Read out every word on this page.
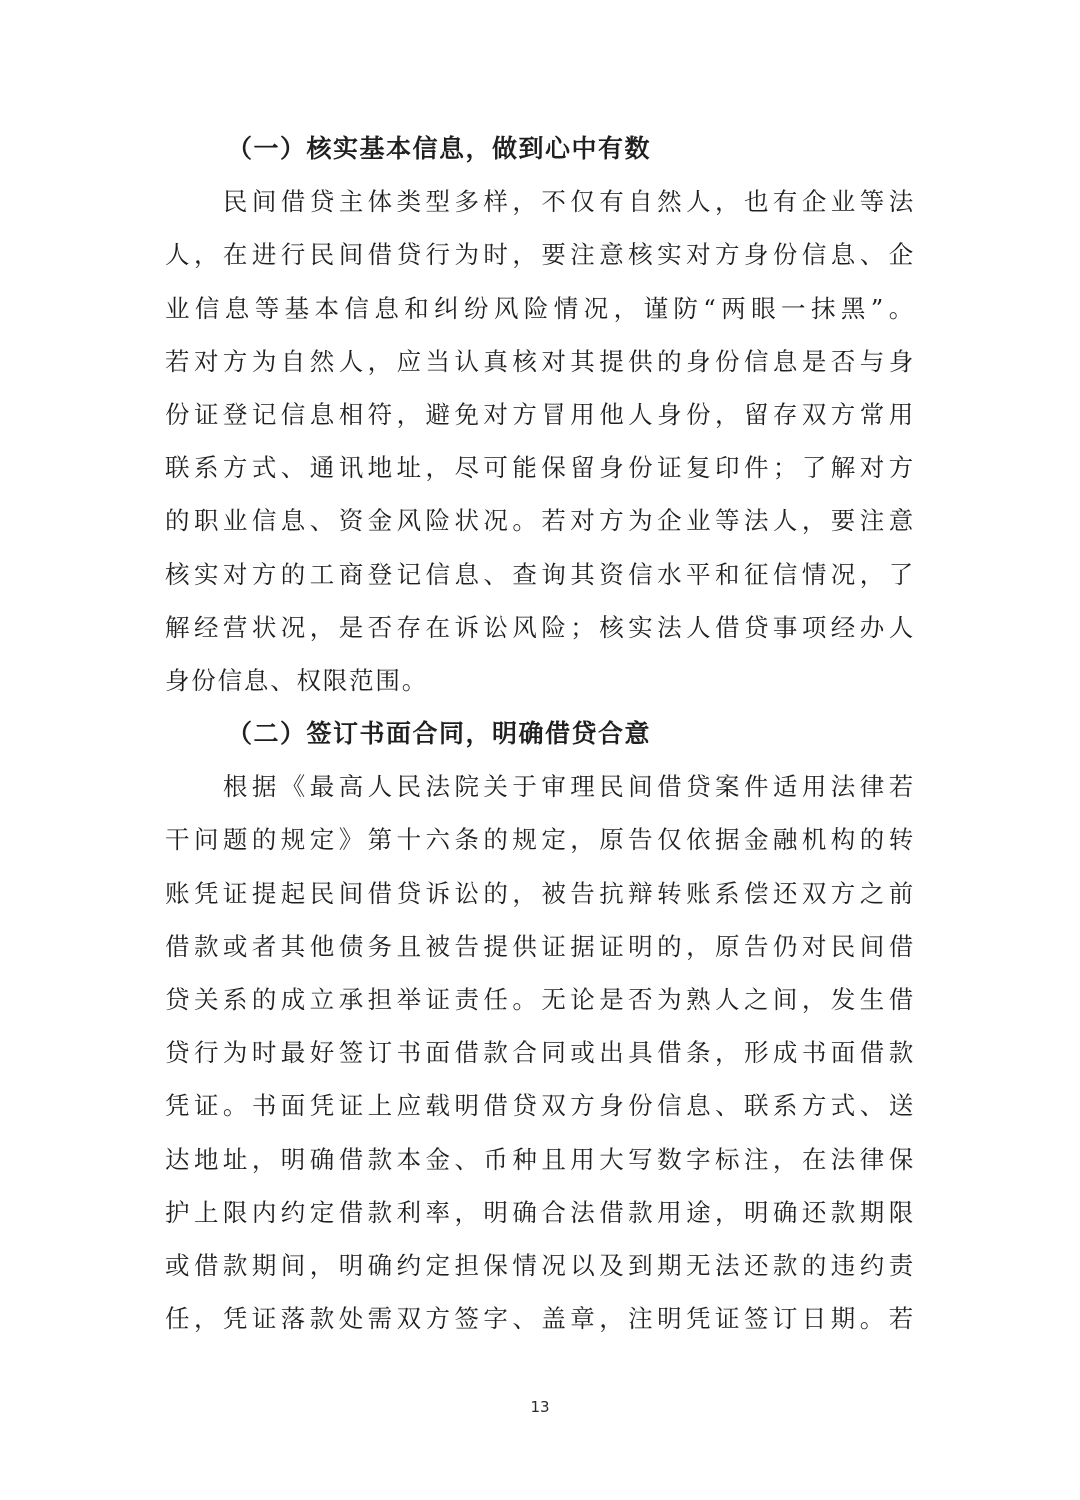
（一）核实基本信息，做到心中有数
　　民间借贷主体类型多样，不仅有自然人，也有企业等法
人，在进行民间借贷行为时，要注意核实对方身份信息、企
业信息等基本信息和纠纷风险情况，谨防“两眼一抹黑”。
若对方为自然人，应当认真核对其提供的身份信息是否与身
份证登记信息相符，避免对方冒用他人身份，留存双方常用
联系方式、通讯地址，尽可能保留身份证复印件；了解对方
的职业信息、资金风险状况。若对方为企业等法人，要注意
核实对方的工商登记信息、查询其资信水平和征信情况，了
解经营状况，是否存在诉讼风险；核实法人借贷事项经办人
身份信息、权限范围。
（二）签订书面合同，明确借贷合意
　　根据《最高人民法院关于审理民间借贷案件适用法律若
干问题的规定》第十六条的规定，原告仅依据金融机构的转
账凭证提起民间借贷诉讼的，被告抗辩转账系偿还双方之前
借款或者其他债务且被告提供证据证明的，原告仍对民间借
贷关系的成立承担举证责任。无论是否为熟人之间，发生借
贷行为时最好签订书面借款合同或出具借条，形成书面借款
凭证。书面凭证上应载明借贷双方身份信息、联系方式、送
达地址，明确借款本金、币种且用大写数字标注，在法律保
护上限内约定借款利率，明确合法借款用途，明确还款期限
或借款期间，明确约定担保情况以及到期无法还款的违约责
任，凭证落款处需双方签字、盖章，注明凭证签订日期。若
13
